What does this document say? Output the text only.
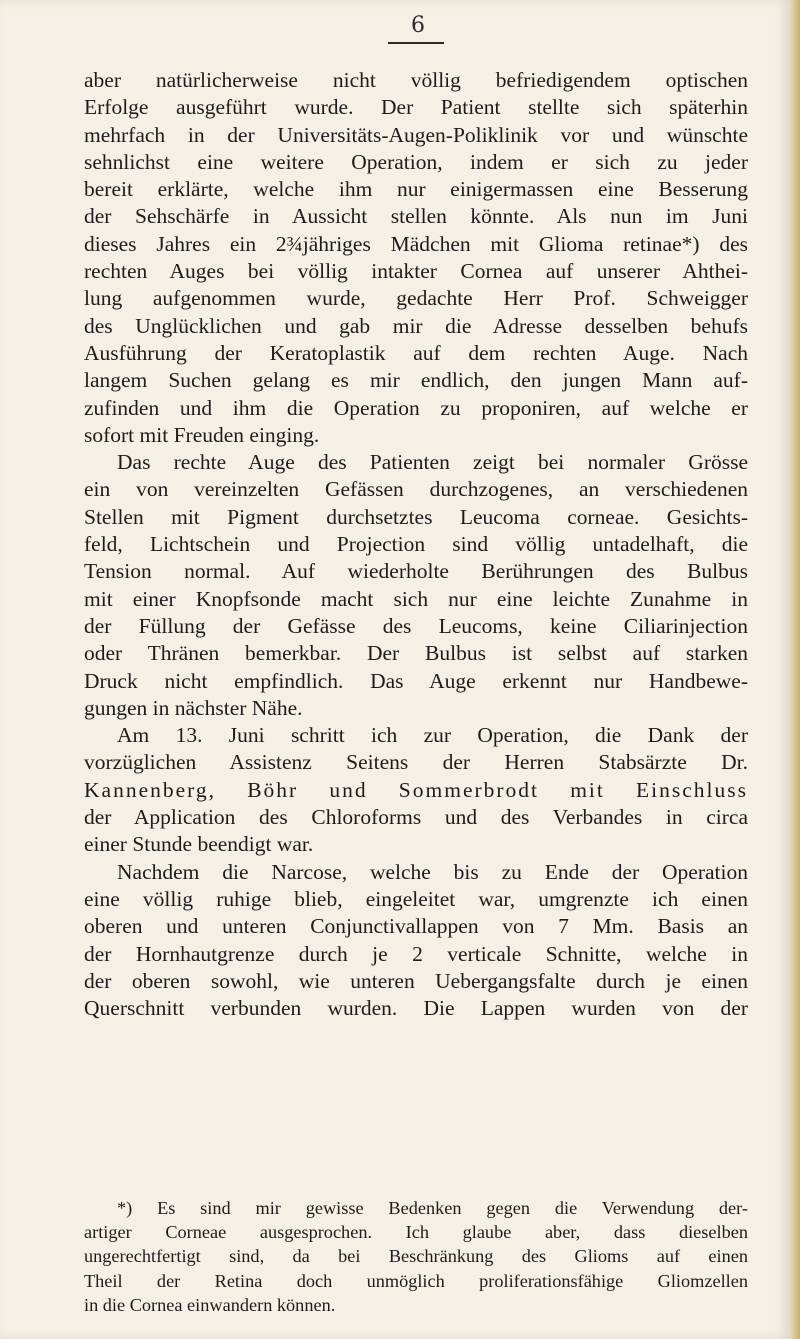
6
aber natürlicherweise nicht völlig befriedigendem optischen
Erfolge ausgeführt wurde. Der Patient stellte sich späterhin
mehrfach in der Universitäts-Augen-Poliklinik vor und wünschte
sehnlichst eine weitere Operation, indem er sich zu jeder
bereit erklärte, welche ihm nur einigermassen eine Besserung
der Sehschärfe in Aussicht stellen könnte. Als nun im Juni
dieses Jahres ein 2¾jähriges Mädchen mit Glioma retinae*) des
rechten Auges bei völlig intakter Cornea auf unserer Ahthei-
lung aufgenommen wurde, gedachte Herr Prof. Schweigger
des Unglücklichen und gab mir die Adresse desselben behufs
Ausführung der Keratoplastik auf dem rechten Auge. Nach
langem Suchen gelang es mir endlich, den jungen Mann auf-
zufinden und ihm die Operation zu proponiren, auf welche er
sofort mit Freuden einging.
Das rechte Auge des Patienten zeigt bei normaler Grösse
ein von vereinzelten Gefässen durchzogenes, an verschiedenen
Stellen mit Pigment durchsetztes Leucoma corneae. Gesichts-
feld, Lichtschein und Projection sind völlig untadelhaft, die
Tension normal. Auf wiederholte Berührungen des Bulbus
mit einer Knopfsonde macht sich nur eine leichte Zunahme in
der Füllung der Gefässe des Leucoms, keine Ciliarinjection
oder Thränen bemerkbar. Der Bulbus ist selbst auf starken
Druck nicht empfindlich. Das Auge erkennt nur Handbewe-
gungen in nächster Nähe.
Am 13. Juni schritt ich zur Operation, die Dank der
vorzüglichen Assistenz Seitens der Herren Stabsärzte Dr.
Kannenberg, Böhr und Sommerbrodt mit Einschluss
der Application des Chloroforms und des Verbandes in circa
einer Stunde beendigt war.
Nachdem die Narcose, welche bis zu Ende der Operation
eine völlig ruhige blieb, eingeleitet war, umgrenzte ich einen
oberen und unteren Conjunctivallappen von 7 Mm. Basis an
der Hornhautgrenze durch je 2 verticale Schnitte, welche in
der oberen sowohl, wie unteren Uebergangsfalte durch je einen
Querschnitt verbunden wurden. Die Lappen wurden von der
*) Es sind mir gewisse Bedenken gegen die Verwendung der-
artiger Corneae ausgesprochen. Ich glaube aber, dass dieselben
ungerechtfertigt sind, da bei Beschränkung des Glioms auf einen
Theil der Retina doch unmöglich proliferationsfähige Gliomzellen
in die Cornea einwandern können.
